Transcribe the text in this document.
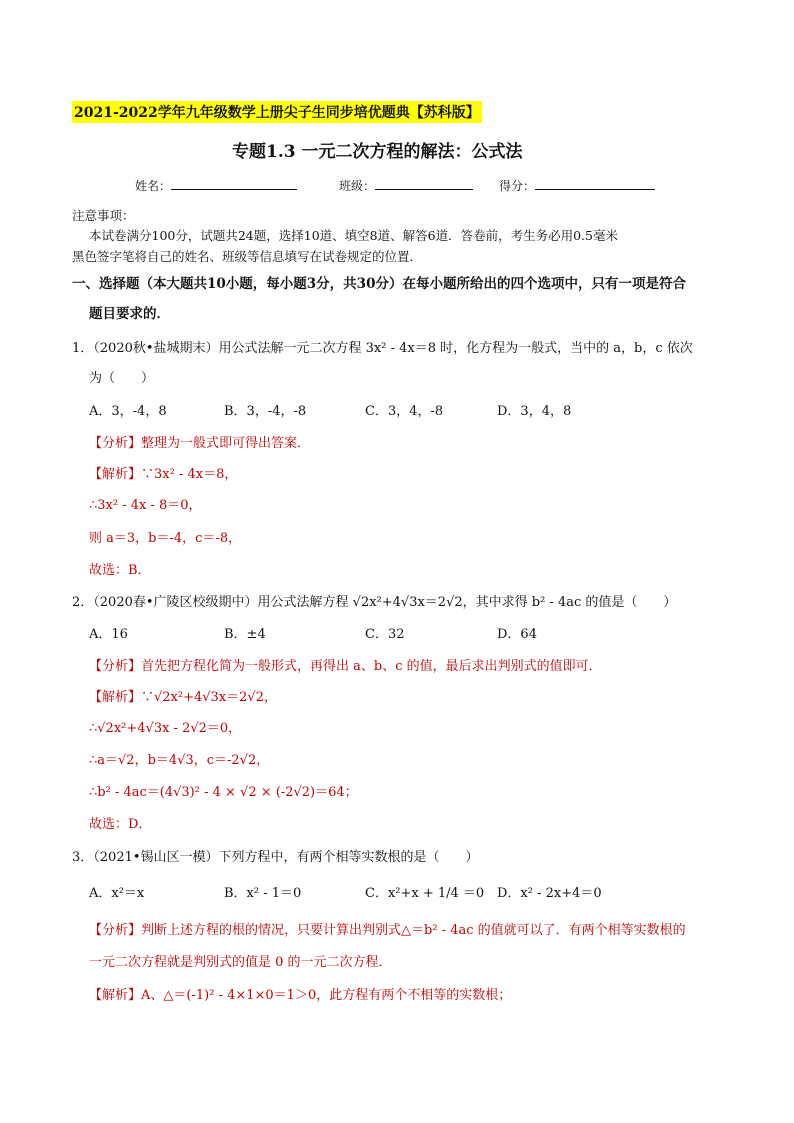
2021-2022学年九年级数学上册尖子生同步培优题典【苏科版】
专题1.3 一元二次方程的解法：公式法
姓名：	班级：	得分：
注意事项：
本试卷满分100分，试题共24题，选择10道、填空8道、解答6道．答卷前，考生务必用0.5毫米
黑色签字笔将自己的姓名、班级等信息填写在试卷规定的位置．
一、选择题（本大题共10小题，每小题3分，共30分）在每小题所给出的四个选项中，只有一项是符合
题目要求的．
1．（2020秋•盐城期末）用公式法解一元二次方程 3x² - 4x＝8 时，化方程为一般式，当中的 a，b，c 依次
为（　　）
A．3，-4，8	B．3，-4，-8	C．3，4，-8	D．3，4，8
【分析】整理为一般式即可得出答案．
【解析】∵3x² - 4x＝8，
∴3x² - 4x - 8＝0，
则 a＝3，b＝-4，c＝-8，
故选：B．
2．（2020春•广陵区校级期中）用公式法解方程 √2x²+4√3x＝2√2，其中求得 b² - 4ac 的值是（　　）
A．16	B．±4	C．32	D．64
【分析】首先把方程化简为一般形式，再得出 a、b、c 的值，最后求出判别式的值即可．
【解析】∵√2x²+4√3x＝2√2，
∴√2x²+4√3x - 2√2＝0，
∴a＝√2，b＝4√3，c＝-2√2，
∴b² - 4ac＝(4√3)² - 4 × √2 × (-2√2)＝64；
故选：D．
3．（2021•锡山区一模）下列方程中，有两个相等实数根的是（　　）
A．x²＝x	B．x² - 1＝0	C．x²+x + 1/4 ＝0 D．x² - 2x+4＝0
【分析】判断上述方程的根的情况，只要计算出判别式△＝b² - 4ac 的值就可以了．有两个相等实数根的
一元二次方程就是判别式的值是 0 的一元二次方程．
【解析】A、△＝(-1)² - 4×1×0＝1＞0，此方程有两个不相等的实数根；
